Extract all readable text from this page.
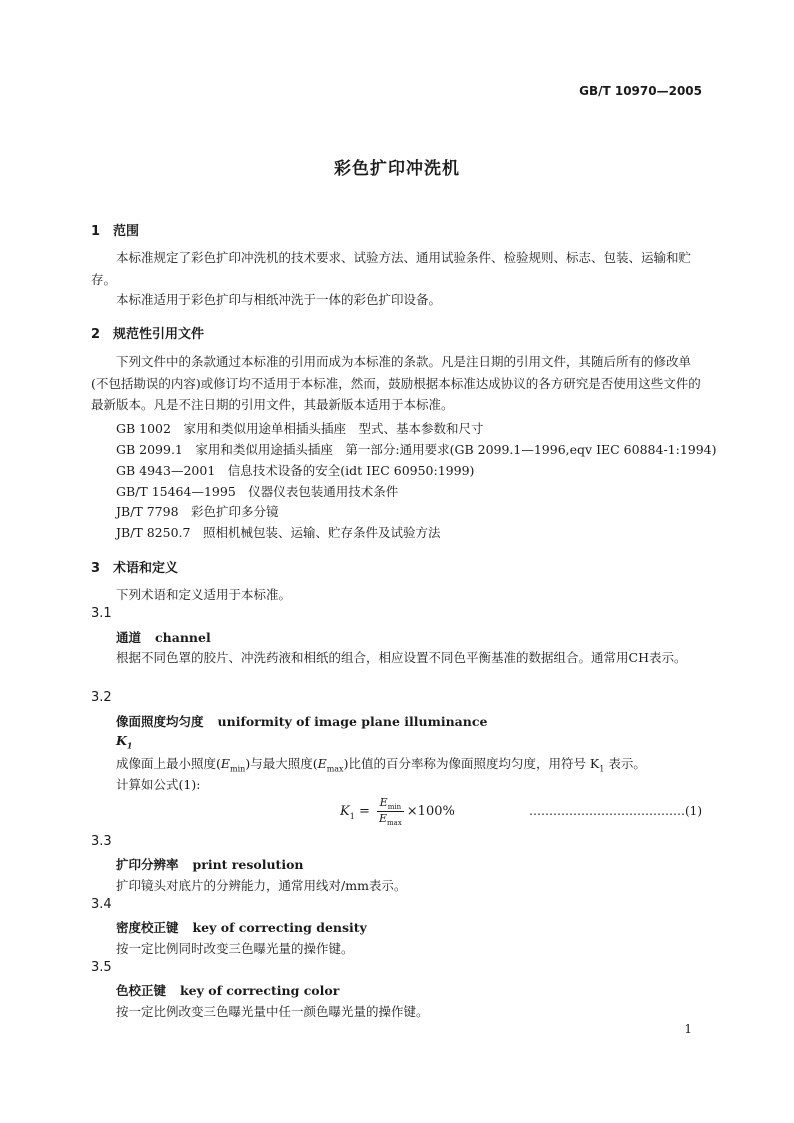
GB/T 10970—2005
彩色扩印冲洗机
1 范围
本标准规定了彩色扩印冲洗机的技术要求、试验方法、通用试验条件、检验规则、标志、包装、运输和贮存。
本标准适用于彩色扩印与相纸冲洗于一体的彩色扩印设备。
2 规范性引用文件
下列文件中的条款通过本标准的引用而成为本标准的条款。凡是注日期的引用文件，其随后所有的修改单(不包括勘误的内容)或修订均不适用于本标准，然而，鼓励根据本标准达成协议的各方研究是否使用这些文件的最新版本。凡是不注日期的引用文件，其最新版本适用于本标准。
GB 1002　家用和类似用途单相插头插座　型式、基本参数和尺寸
GB 2099.1　家用和类似用途插头插座　第一部分:通用要求(GB 2099.1—1996,eqv IEC 60884-1:1994)
GB 4943—2001　信息技术设备的安全(idt IEC 60950:1999)
GB/T 15464—1995　仪器仪表包装通用技术条件
JB/T 7798　彩色扩印多分镜
JB/T 8250.7　照相机械包装、运输、贮存条件及试验方法
3 术语和定义
下列术语和定义适用于本标准。
3.1
通道 channel
根据不同色罩的胶片、冲洗药液和相纸的组合，相应设置不同色平衡基准的数据组合。通常用CH表示。
3.2
像面照度均匀度 uniformity of image plane illuminance
$K_1$
成像面上最小照度$(E_{min})$与最大照度$(E_{max})$比值的百分率称为像面照度均匀度，用符号 $K_1$ 表示。
计算如公式(1):
$K_1 = \frac{E_{min}}{E_{max}} \times 100\%$	…………………………………(1)
3.3
扩印分辨率 print resolution
扩印镜头对底片的分辨能力，通常用线对/mm表示。
3.4
密度校正键 key of correcting density
按一定比例同时改变三色曝光量的操作键。
3.5
色校正键 key of correcting color
按一定比例改变三色曝光量中任一颜色曝光量的操作键。
1
